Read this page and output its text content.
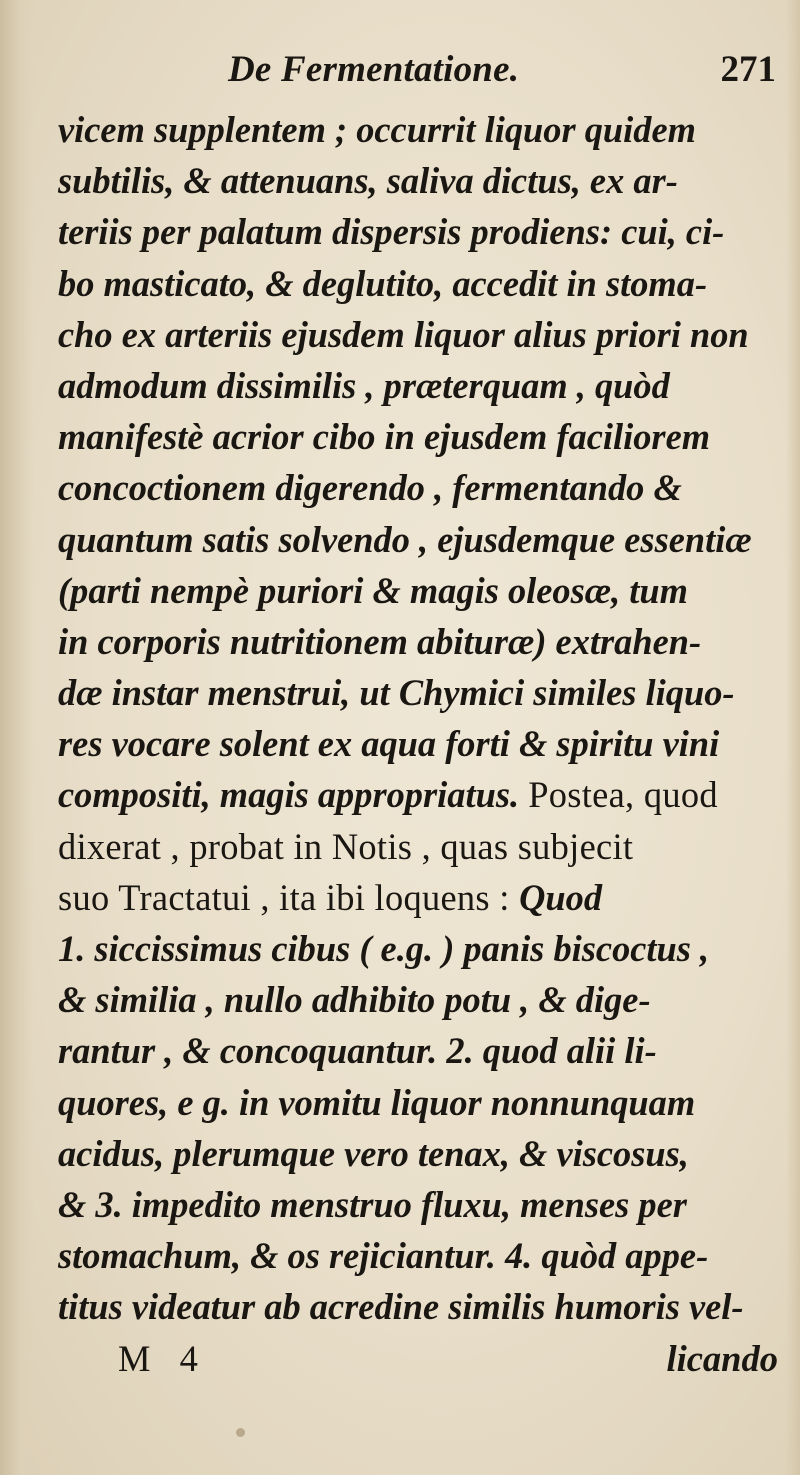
De Fermentatione.	271
vicem supplentem ; occurrit liquor quidem
subtilis, & attenuans, saliva dictus, ex ar-
teriis per palatum dispersis prodiens: cui, ci-
bo masticato, & deglutito, accedit in stoma-
cho ex arteriis ejusdem liquor alius priori non
admodum dissimilis , præterquam , quòd
manifestè acrior cibo in ejusdem faciliorem
concoctionem digerendo , fermentando &
quantum satis solvendo , ejusdemque essentiæ
(parti nempè puriori & magis oleosæ, tum
in corporis nutritionem abituræ) extrahen-
dæ instar menstrui, ut Chymici similes liquo-
res vocare solent ex aqua forti & spiritu vini
compositi, magis appropriatus. Postea, quod
dixerat , probat in Notis , quas subjecit
suo Tractatui , ita ibi loquens : Quod
1. siccissimus cibus ( e.g. ) panis biscoctus ,
& similia , nullo adhibito potu , & dige-
rantur , & concoquantur. 2. quod alii li-
quores, e g. in vomitu liquor nonnunquam
acidus, plerumque vero tenax, & viscosus,
& 3. impedito menstruo fluxu, menses per
stomachum, & os rejiciantur. 4. quòd appe-
titus videatur ab acredine similis humoris vel-
M 4	licando
